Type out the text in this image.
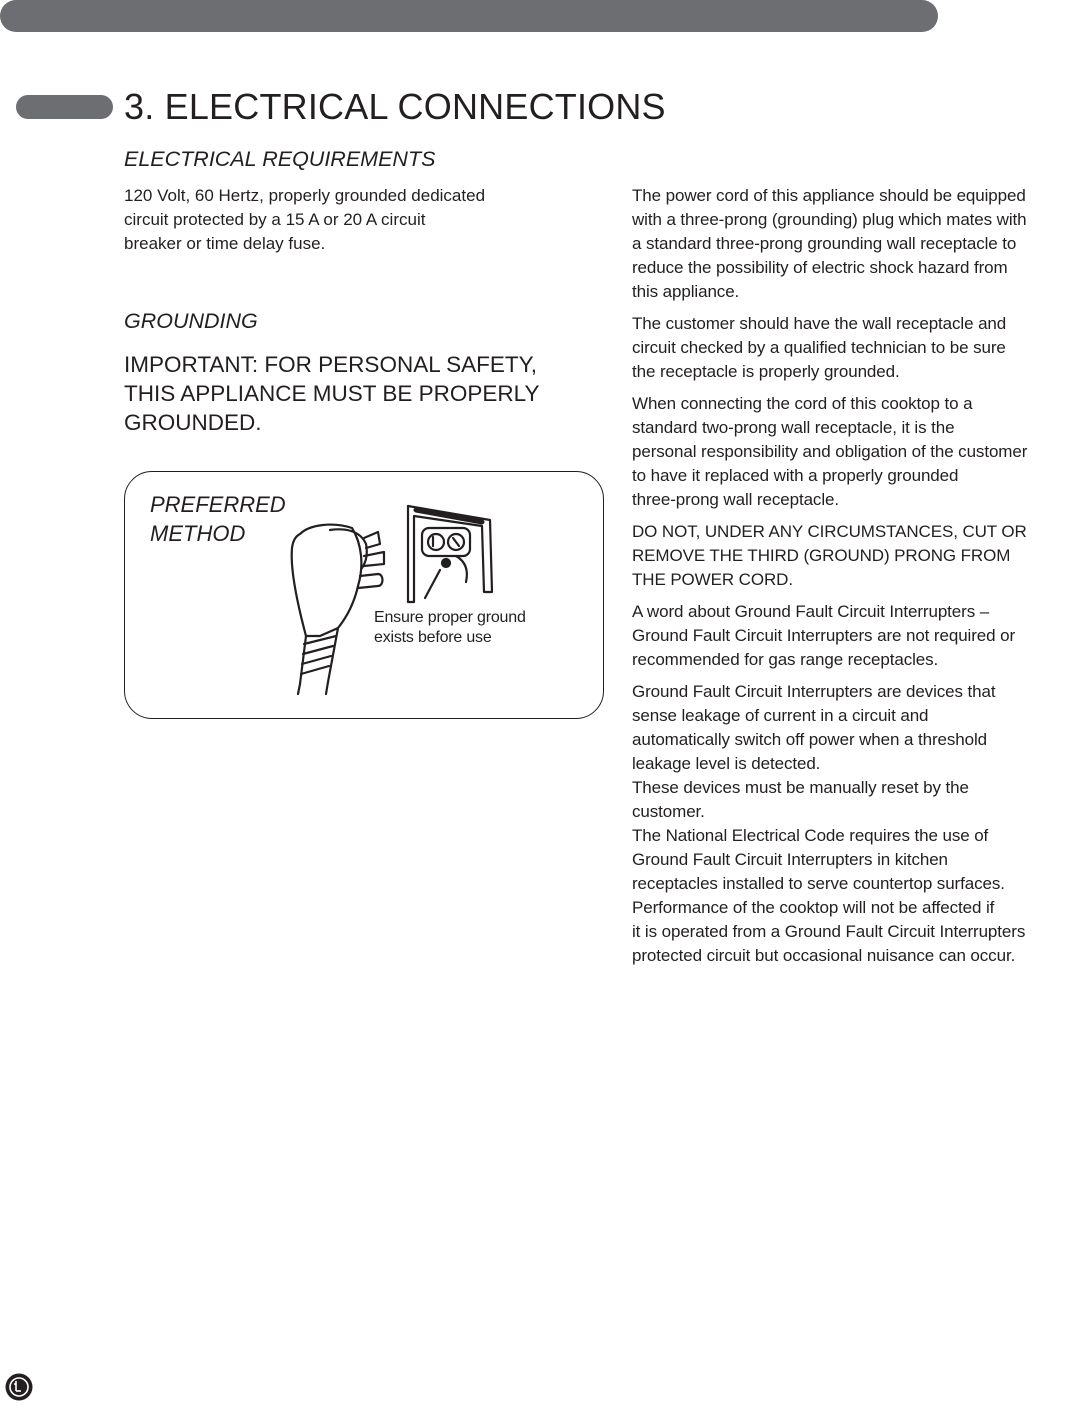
3. ELECTRICAL CONNECTIONS
ELECTRICAL REQUIREMENTS

120 Volt, 60 Hertz, properly grounded dedicated
circuit protected by a 15 A or 20 A circuit
breaker or time delay fuse.

GROUNDING

IMPORTANT: FOR PERSONAL SAFETY,
THIS APPLIANCE MUST BE PROPERLY
GROUNDED.

PREFERRED
METHOD

Ensure proper ground
exists before use

The power cord of this appliance should be equipped
with a three-prong (grounding) plug which mates with
a standard three-prong grounding wall receptacle to
reduce the possibility of electric shock hazard from
this appliance.

The customer should have the wall receptacle and
circuit checked by a qualified technician to be sure
the receptacle is properly grounded.

When connecting the cord of this cooktop to a
standard two-prong wall receptacle, it is the
personal responsibility and obligation of the customer
to have it replaced with a properly grounded
three-prong wall receptacle.

DO NOT, UNDER ANY CIRCUMSTANCES, CUT OR
REMOVE THE THIRD (GROUND) PRONG FROM
THE POWER CORD.

A word about Ground Fault Circuit Interrupters –
Ground Fault Circuit Interrupters are not required or
recommended for gas range receptacles.

Ground Fault Circuit Interrupters are devices that
sense leakage of current in a circuit and
automatically switch off power when a threshold
leakage level is detected.
These devices must be manually reset by the
customer.
The National Electrical Code requires the use of
Ground Fault Circuit Interrupters in kitchen
receptacles installed to serve countertop surfaces.
Performance of the cooktop will not be affected if
it is operated from a Ground Fault Circuit Interrupters
protected circuit but occasional nuisance can occur.
